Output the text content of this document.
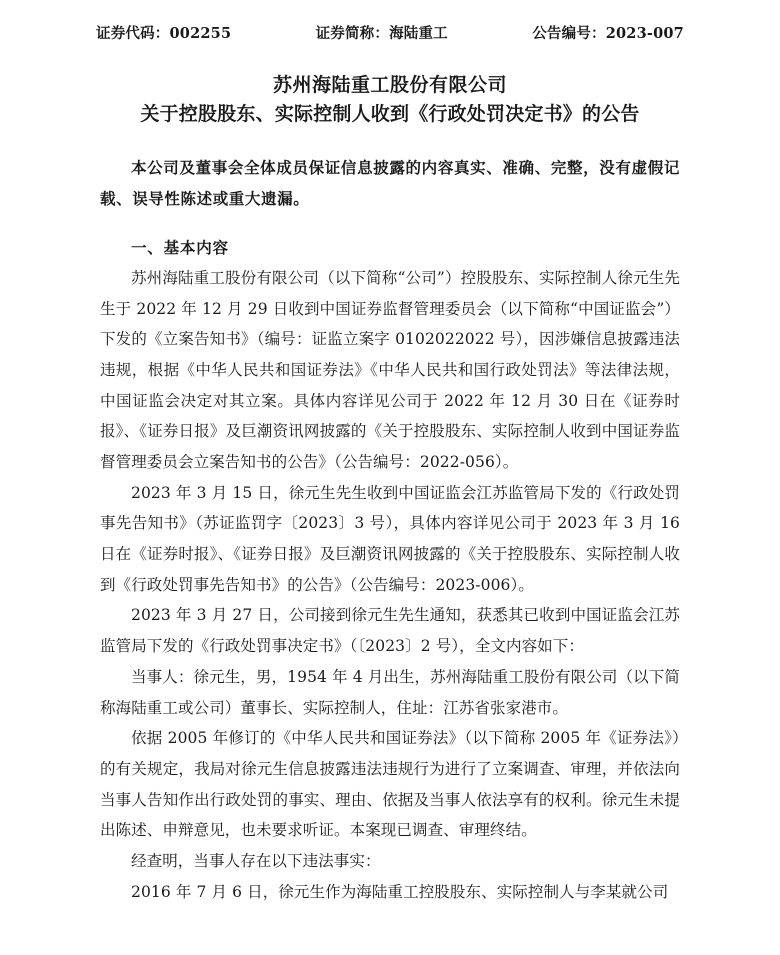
证券代码：002255	证券简称：海陆重工	公告编号：2023-007
苏州海陆重工股份有限公司
关于控股股东、实际控制人收到《行政处罚决定书》的公告
本公司及董事会全体成员保证信息披露的内容真实、准确、完整，没有虚假记载、误导性陈述或重大遗漏。
一、基本内容

苏州海陆重工股份有限公司（以下简称“公司”）控股股东、实际控制人徐元生先生于 2022 年 12 月 29 日收到中国证券监督管理委员会（以下简称“中国证监会”）下发的《立案告知书》（编号：证监立案字 0102022022 号），因涉嫌信息披露违法违规，根据《中华人民共和国证券法》《中华人民共和国行政处罚法》等法律法规，中国证监会决定对其立案。具体内容详见公司于 2022 年 12 月 30 日在《证券时报》、《证券日报》及巨潮资讯网披露的《关于控股股东、实际控制人收到中国证券监督管理委员会立案告知书的公告》（公告编号：2022-056）。

2023 年 3 月 15 日，徐元生先生收到中国证监会江苏监管局下发的《行政处罚事先告知书》（苏证监罚字〔2023〕3 号），具体内容详见公司于 2023 年 3 月 16 日在《证券时报》、《证券日报》及巨潮资讯网披露的《关于控股股东、实际控制人收到《行政处罚事先告知书》的公告》（公告编号：2023-006）。

2023 年 3 月 27 日，公司接到徐元生先生通知，获悉其已收到中国证监会江苏监管局下发的《行政处罚事决定书》（〔2023〕2 号），全文内容如下：

当事人：徐元生，男，1954 年 4 月出生，苏州海陆重工股份有限公司（以下简称海陆重工或公司）董事长、实际控制人，住址：江苏省张家港市。

依据 2005 年修订的《中华人民共和国证券法》（以下简称 2005 年《证券法》）的有关规定，我局对徐元生信息披露违法违规行为进行了立案调查、审理，并依法向当事人告知作出行政处罚的事实、理由、依据及当事人依法享有的权利。徐元生未提出陈述、申辩意见，也未要求听证。本案现已调查、审理终结。

经查明，当事人存在以下违法事实：

2016 年 7 月 6 日，徐元生作为海陆重工控股股东、实际控制人与李某就公司
